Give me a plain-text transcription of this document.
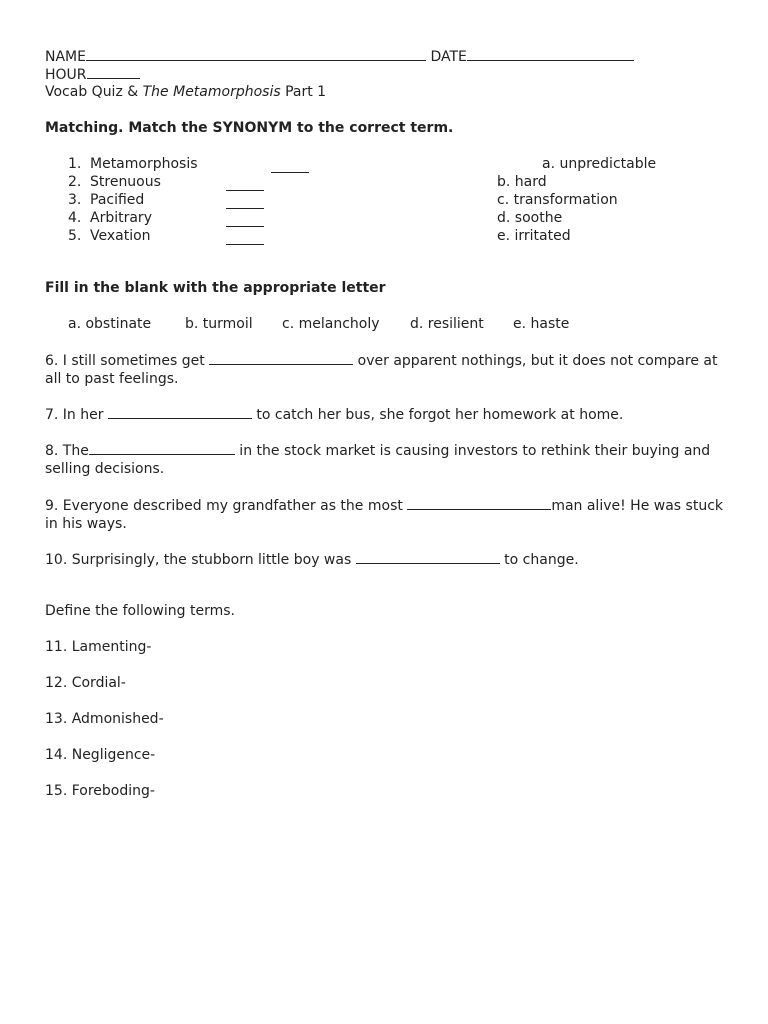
NAME	DATE
HOUR
Vocab Quiz & The Metamorphosis Part 1
Matching. Match the SYNONYM to the correct term.
1. Metamorphosis	a. unpredictable
2. Strenuous	b. hard
3. Pacified	c. transformation
4. Arbitrary	d. soothe
5. Vexation	e. irritated
Fill in the blank with the appropriate letter
a. obstinate b. turmoil c. melancholy d. resilient e. haste
6. I still sometimes get	over apparent nothings, but it does not compare at all to past feelings.
7. In her	to catch her bus, she forgot her homework at home.
8. The	in the stock market is causing investors to rethink their buying and selling decisions.
9. Everyone described my grandfather as the most	man alive! He was stuck in his ways.
10. Surprisingly, the stubborn little boy was	to change.
Define the following terms.
11. Lamenting-
12. Cordial-
13. Admonished-
14. Negligence-
15. Foreboding-
